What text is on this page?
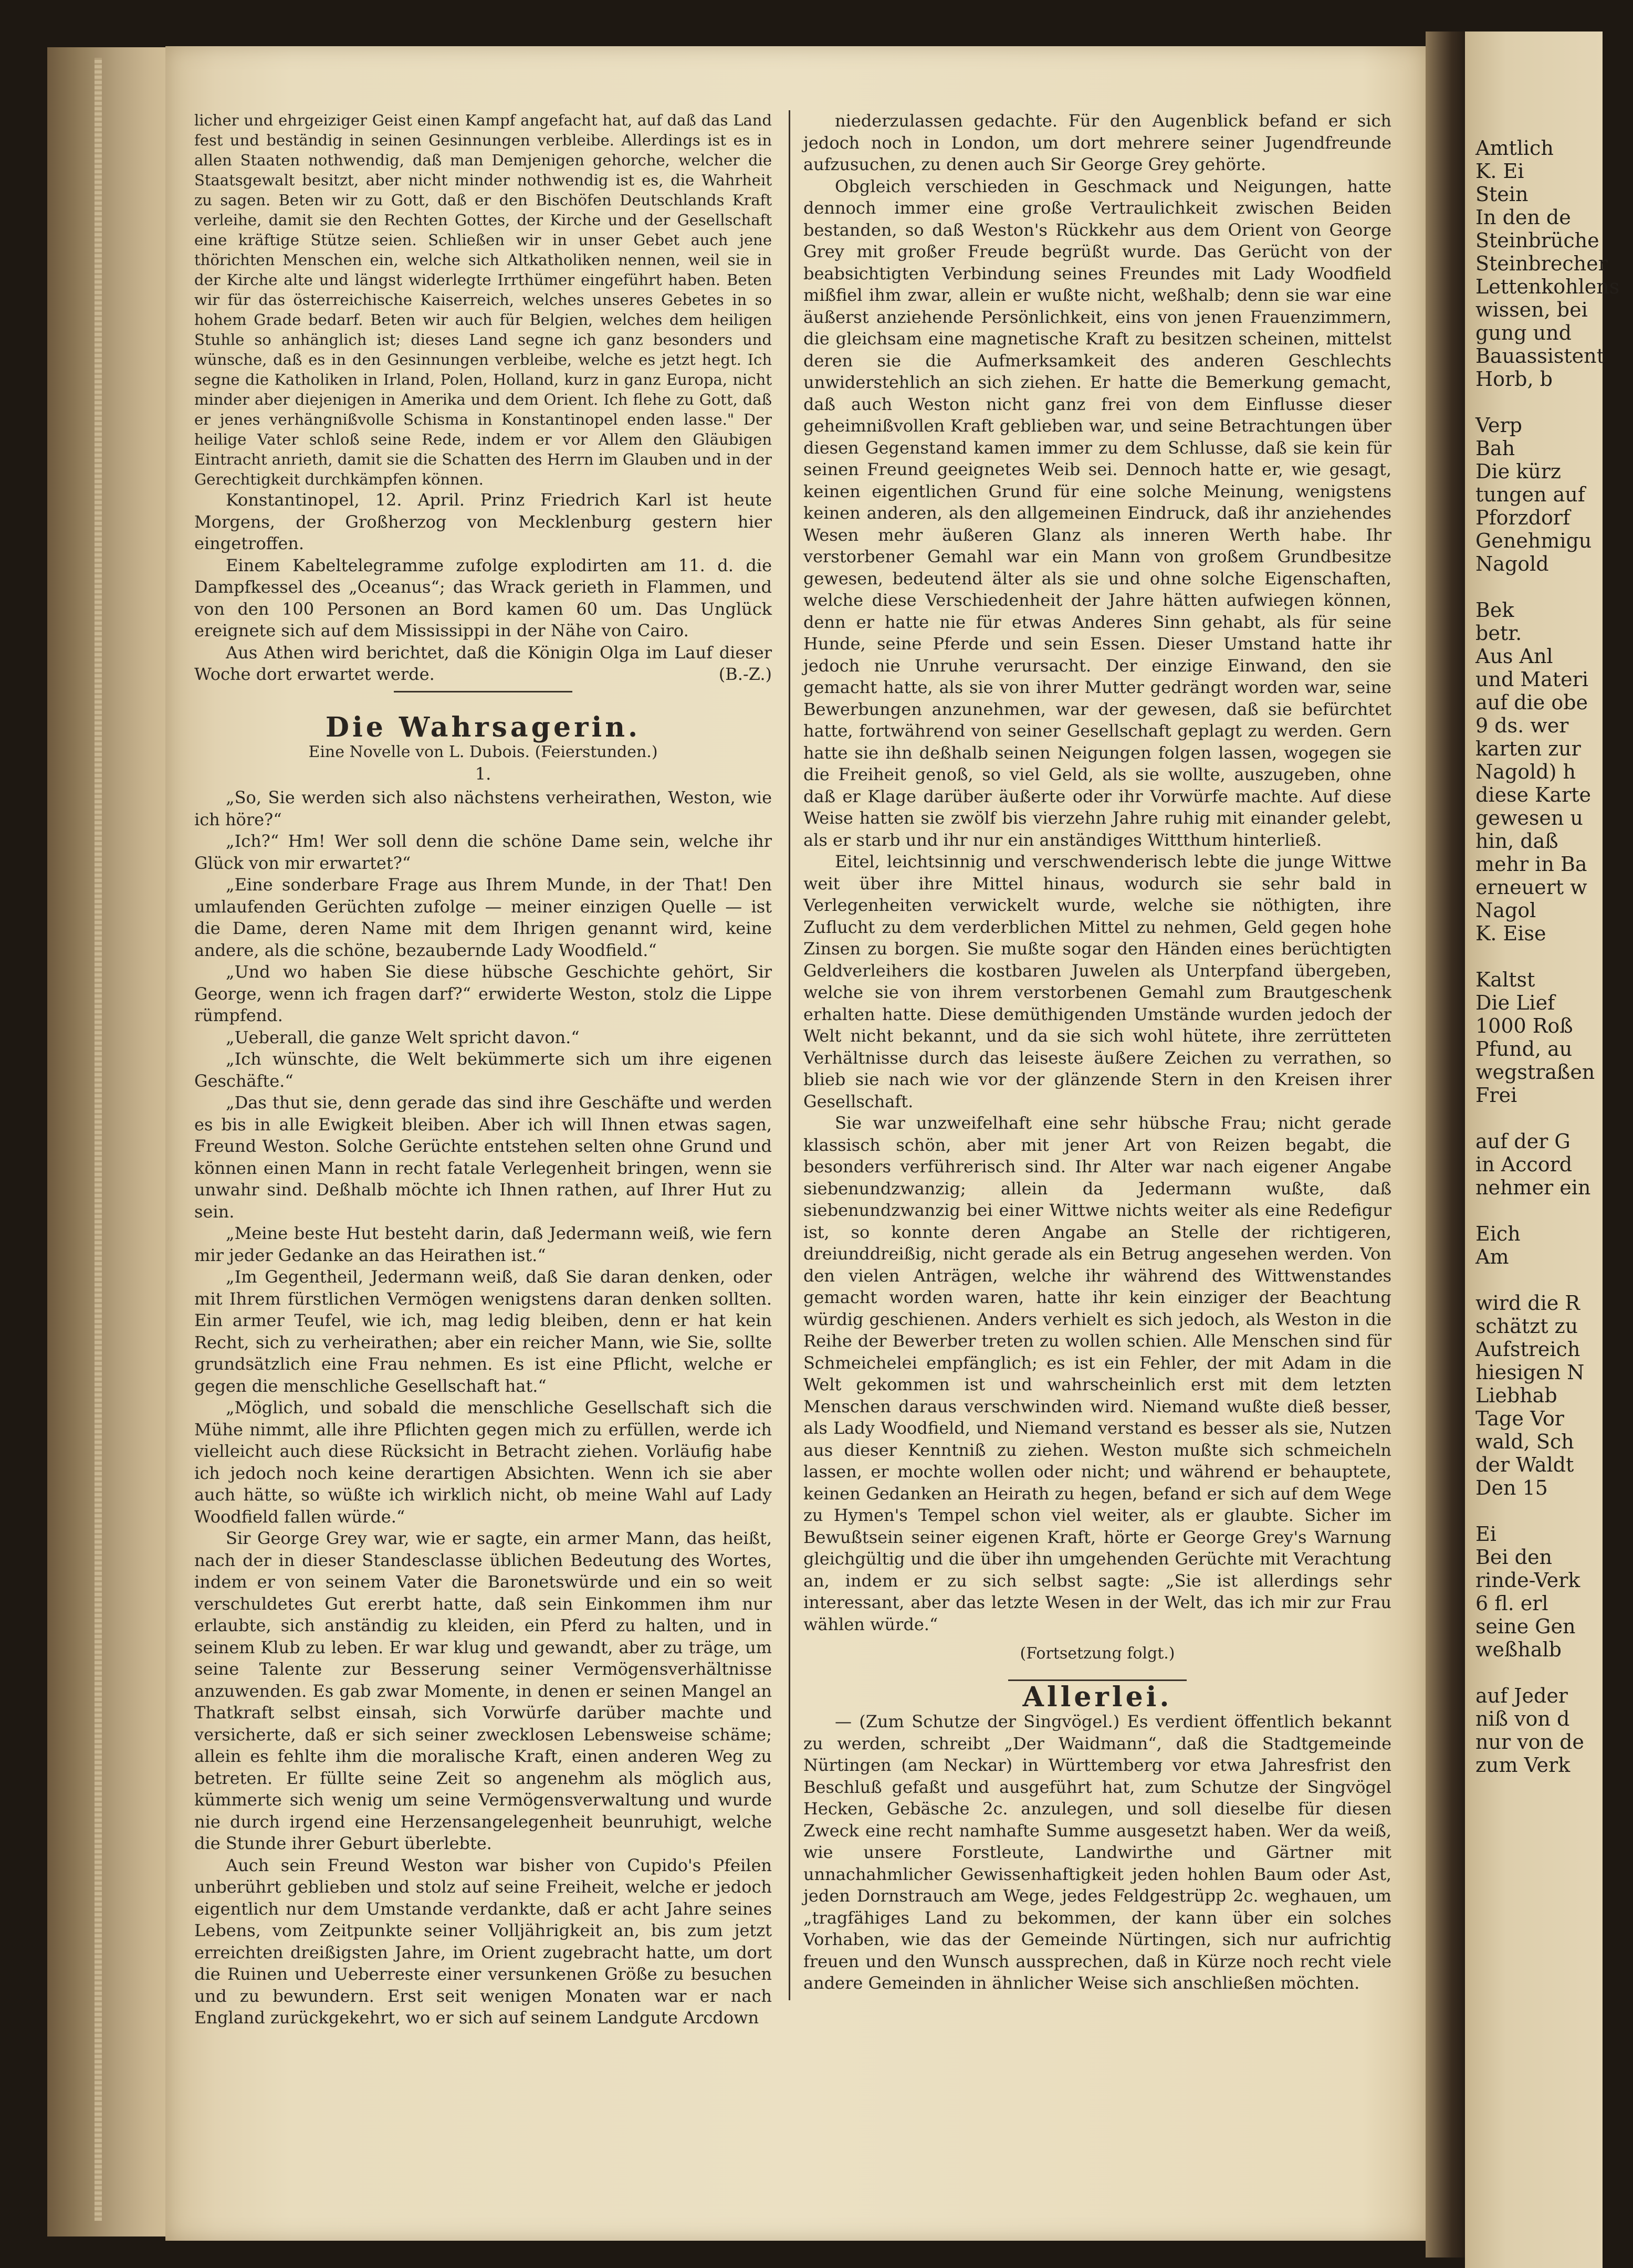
Amtlich
K. Ei
Stein
In den de
Steinbrüche
Steinbrecher
Lettenkohlens
wissen, bei
gung und
Bauassistent
Horb, b

Verp
Bah
Die kürz
tungen auf
Pforzdorf
Genehmigu
Nagold

Bek
betr.
Aus Anl
und Materi
auf die obe
9 ds. wer
karten zur
Nagold) h
diese Karte
gewesen u
hin, daß
mehr in Ba
erneuert w
Nagol
K. Eise

Kaltst
Die Lief
1000 Roß
Pfund, au
wegstraßen
Frei

auf der G
in Accord
nehmer ein

Eich
Am

wird die R
schätzt zu
Aufstreich
hiesigen N
Liebhab
Tage Vor
wald, Sch
der Waldt
Den 15

Ei
Bei den
rinde-Verk
6 fl. erl
seine Gen
weßhalb

auf Jeder
niß von d
nur von de
zum Verk

licher und ehrgeiziger Geist einen Kampf angefacht hat, auf daß das Land fest und beständig in seinen Gesinnungen verbleibe. Allerdings ist es in allen Staaten nothwendig, daß man Demjenigen gehorche, welcher die Staatsgewalt besitzt, aber nicht minder nothwendig ist es, die Wahrheit zu sagen. Beten wir zu Gott, daß er den Bischöfen Deutschlands Kraft verleihe, damit sie den Rechten Gottes, der Kirche und der Gesellschaft eine kräftige Stütze seien. Schließen wir in unser Gebet auch jene thörichten Menschen ein, welche sich Altkatholiken nennen, weil sie in der Kirche alte und längst widerlegte Irrthümer eingeführt haben. Beten wir für das österreichische Kaiserreich, welches unseres Gebetes in so hohem Grade bedarf. Beten wir auch für Belgien, welches dem heiligen Stuhle so anhänglich ist; dieses Land segne ich ganz besonders und wünsche, daß es in den Gesinnungen verbleibe, welche es jetzt hegt. Ich segne die Katholiken in Irland, Polen, Holland, kurz in ganz Europa, nicht minder aber diejenigen in Amerika und dem Orient. Ich flehe zu Gott, daß er jenes verhängnißvolle Schisma in Konstantinopel enden lasse." Der heilige Vater schloß seine Rede, indem er vor Allem den Gläubigen Eintracht anrieth, damit sie die Schatten des Herrn im Glauben und in der Gerechtigkeit durchkämpfen können.

Konstantinopel, 12. April. Prinz Friedrich Karl ist heute Morgens, der Großherzog von Mecklenburg gestern hier eingetroffen.

Einem Kabeltelegramme zufolge explodirten am 11. d. die Dampfkessel des „Oceanus“; das Wrack gerieth in Flammen, und von den 100 Personen an Bord kamen 60 um. Das Unglück ereignete sich auf dem Mississippi in der Nähe von Cairo.

Aus Athen wird berichtet, daß die Königin Olga im Lauf dieser Woche dort erwartet werde.	(B.-Z.)

Die Wahrsagerin.

Eine Novelle von L. Dubois. (Feierstunden.)

1.

„So, Sie werden sich also nächstens verheirathen, Weston, wie ich höre?“

„Ich?“ Hm! Wer soll denn die schöne Dame sein, welche ihr Glück von mir erwartet?“

„Eine sonderbare Frage aus Ihrem Munde, in der That! Den umlaufenden Gerüchten zufolge — meiner einzigen Quelle — ist die Dame, deren Name mit dem Ihrigen genannt wird, keine andere, als die schöne, bezaubernde Lady Woodfield.“

„Und wo haben Sie diese hübsche Geschichte gehört, Sir George, wenn ich fragen darf?“ erwiderte Weston, stolz die Lippe rümpfend.

„Ueberall, die ganze Welt spricht davon.“

„Ich wünschte, die Welt bekümmerte sich um ihre eigenen Geschäfte.“

„Das thut sie, denn gerade das sind ihre Geschäfte und werden es bis in alle Ewigkeit bleiben. Aber ich will Ihnen etwas sagen, Freund Weston. Solche Gerüchte entstehen selten ohne Grund und können einen Mann in recht fatale Verlegenheit bringen, wenn sie unwahr sind. Deßhalb möchte ich Ihnen rathen, auf Ihrer Hut zu sein.

„Meine beste Hut besteht darin, daß Jedermann weiß, wie fern mir jeder Gedanke an das Heirathen ist.“

„Im Gegentheil, Jedermann weiß, daß Sie daran denken, oder mit Ihrem fürstlichen Vermögen wenigstens daran denken sollten. Ein armer Teufel, wie ich, mag ledig bleiben, denn er hat kein Recht, sich zu verheirathen; aber ein reicher Mann, wie Sie, sollte grundsätzlich eine Frau nehmen. Es ist eine Pflicht, welche er gegen die menschliche Gesellschaft hat.“

„Möglich, und sobald die menschliche Gesellschaft sich die Mühe nimmt, alle ihre Pflichten gegen mich zu erfüllen, werde ich vielleicht auch diese Rücksicht in Betracht ziehen. Vorläufig habe ich jedoch noch keine derartigen Absichten. Wenn ich sie aber auch hätte, so wüßte ich wirklich nicht, ob meine Wahl auf Lady Woodfield fallen würde.“

Sir George Grey war, wie er sagte, ein armer Mann, das heißt, nach der in dieser Standesclasse üblichen Bedeutung des Wortes, indem er von seinem Vater die Baronetswürde und ein so weit verschuldetes Gut ererbt hatte, daß sein Einkommen ihm nur erlaubte, sich anständig zu kleiden, ein Pferd zu halten, und in seinem Klub zu leben. Er war klug und gewandt, aber zu träge, um seine Talente zur Besserung seiner Vermögensverhältnisse anzuwenden. Es gab zwar Momente, in denen er seinen Mangel an Thatkraft selbst einsah, sich Vorwürfe darüber machte und versicherte, daß er sich seiner zwecklosen Lebensweise schäme; allein es fehlte ihm die moralische Kraft, einen anderen Weg zu betreten. Er füllte seine Zeit so angenehm als möglich aus, kümmerte sich wenig um seine Vermögensverwaltung und wurde nie durch irgend eine Herzensangelegenheit beunruhigt, welche die Stunde ihrer Geburt überlebte.

Auch sein Freund Weston war bisher von Cupido's Pfeilen unberührt geblieben und stolz auf seine Freiheit, welche er jedoch eigentlich nur dem Umstande verdankte, daß er acht Jahre seines Lebens, vom Zeitpunkte seiner Volljährigkeit an, bis zum jetzt erreichten dreißigsten Jahre, im Orient zugebracht hatte, um dort die Ruinen und Ueberreste einer versunkenen Größe zu besuchen und zu bewundern. Erst seit wenigen Monaten war er nach England zurückgekehrt, wo er sich auf seinem Landgute Arcdown

niederzulassen gedachte. Für den Augenblick befand er sich jedoch noch in London, um dort mehrere seiner Jugendfreunde aufzusuchen, zu denen auch Sir George Grey gehörte.

Obgleich verschieden in Geschmack und Neigungen, hatte dennoch immer eine große Vertraulichkeit zwischen Beiden bestanden, so daß Weston's Rückkehr aus dem Orient von George Grey mit großer Freude begrüßt wurde. Das Gerücht von der beabsichtigten Verbindung seines Freundes mit Lady Woodfield mißfiel ihm zwar, allein er wußte nicht, weßhalb; denn sie war eine äußerst anziehende Persönlichkeit, eins von jenen Frauenzimmern, die gleichsam eine magnetische Kraft zu besitzen scheinen, mittelst deren sie die Aufmerksamkeit des anderen Geschlechts unwiderstehlich an sich ziehen. Er hatte die Bemerkung gemacht, daß auch Weston nicht ganz frei von dem Einflusse dieser geheimnißvollen Kraft geblieben war, und seine Betrachtungen über diesen Gegenstand kamen immer zu dem Schlusse, daß sie kein für seinen Freund geeignetes Weib sei. Dennoch hatte er, wie gesagt, keinen eigentlichen Grund für eine solche Meinung, wenigstens keinen anderen, als den allgemeinen Eindruck, daß ihr anziehendes Wesen mehr äußeren Glanz als inneren Werth habe. Ihr verstorbener Gemahl war ein Mann von großem Grundbesitze gewesen, bedeutend älter als sie und ohne solche Eigenschaften, welche diese Verschiedenheit der Jahre hätten aufwiegen können, denn er hatte nie für etwas Anderes Sinn gehabt, als für seine Hunde, seine Pferde und sein Essen. Dieser Umstand hatte ihr jedoch nie Unruhe verursacht. Der einzige Einwand, den sie gemacht hatte, als sie von ihrer Mutter gedrängt worden war, seine Bewerbungen anzunehmen, war der gewesen, daß sie befürchtet hatte, fortwährend von seiner Gesellschaft geplagt zu werden. Gern hatte sie ihn deßhalb seinen Neigungen folgen lassen, wogegen sie die Freiheit genoß, so viel Geld, als sie wollte, auszugeben, ohne daß er Klage darüber äußerte oder ihr Vorwürfe machte. Auf diese Weise hatten sie zwölf bis vierzehn Jahre ruhig mit einander gelebt, als er starb und ihr nur ein anständiges Wittthum hinterließ.

Eitel, leichtsinnig und verschwenderisch lebte die junge Wittwe weit über ihre Mittel hinaus, wodurch sie sehr bald in Verlegenheiten verwickelt wurde, welche sie nöthigten, ihre Zuflucht zu dem verderblichen Mittel zu nehmen, Geld gegen hohe Zinsen zu borgen. Sie mußte sogar den Händen eines berüchtigten Geldverleihers die kostbaren Juwelen als Unterpfand übergeben, welche sie von ihrem verstorbenen Gemahl zum Brautgeschenk erhalten hatte. Diese demüthigenden Umstände wurden jedoch der Welt nicht bekannt, und da sie sich wohl hütete, ihre zerrütteten Verhältnisse durch das leiseste äußere Zeichen zu verrathen, so blieb sie nach wie vor der glänzende Stern in den Kreisen ihrer Gesellschaft.

Sie war unzweifelhaft eine sehr hübsche Frau; nicht gerade klassisch schön, aber mit jener Art von Reizen begabt, die besonders verführerisch sind. Ihr Alter war nach eigener Angabe siebenundzwanzig; allein da Jedermann wußte, daß siebenundzwanzig bei einer Wittwe nichts weiter als eine Redefigur ist, so konnte deren Angabe an Stelle der richtigeren, dreiunddreißig, nicht gerade als ein Betrug angesehen werden. Von den vielen Anträgen, welche ihr während des Wittwenstandes gemacht worden waren, hatte ihr kein einziger der Beachtung würdig geschienen. Anders verhielt es sich jedoch, als Weston in die Reihe der Bewerber treten zu wollen schien. Alle Menschen sind für Schmeichelei empfänglich; es ist ein Fehler, der mit Adam in die Welt gekommen ist und wahrscheinlich erst mit dem letzten Menschen daraus verschwinden wird. Niemand wußte dieß besser, als Lady Woodfield, und Niemand verstand es besser als sie, Nutzen aus dieser Kenntniß zu ziehen. Weston mußte sich schmeicheln lassen, er mochte wollen oder nicht; und während er behauptete, keinen Gedanken an Heirath zu hegen, befand er sich auf dem Wege zu Hymen's Tempel schon viel weiter, als er glaubte. Sicher im Bewußtsein seiner eigenen Kraft, hörte er George Grey's Warnung gleichgültig und die über ihn umgehenden Gerüchte mit Verachtung an, indem er zu sich selbst sagte: „Sie ist allerdings sehr interessant, aber das letzte Wesen in der Welt, das ich mir zur Frau wählen würde.“

(Fortsetzung folgt.)

Allerlei.

— (Zum Schutze der Singvögel.) Es verdient öffentlich bekannt zu werden, schreibt „Der Waidmann“, daß die Stadtgemeinde Nürtingen (am Neckar) in Württemberg vor etwa Jahresfrist den Beschluß gefaßt und ausgeführt hat, zum Schutze der Singvögel Hecken, Gebäsche 2c. anzulegen, und soll dieselbe für diesen Zweck eine recht namhafte Summe ausgesetzt haben. Wer da weiß, wie unsere Forstleute, Landwirthe und Gärtner mit unnachahmlicher Gewissenhaftigkeit jeden hohlen Baum oder Ast, jeden Dornstrauch am Wege, jedes Feldgestrüpp 2c. weghauen, um „tragfähiges Land zu bekommen, der kann über ein solches Vorhaben, wie das der Gemeinde Nürtingen, sich nur aufrichtig freuen und den Wunsch aussprechen, daß in Kürze noch recht viele andere Gemeinden in ähnlicher Weise sich anschließen möchten.
